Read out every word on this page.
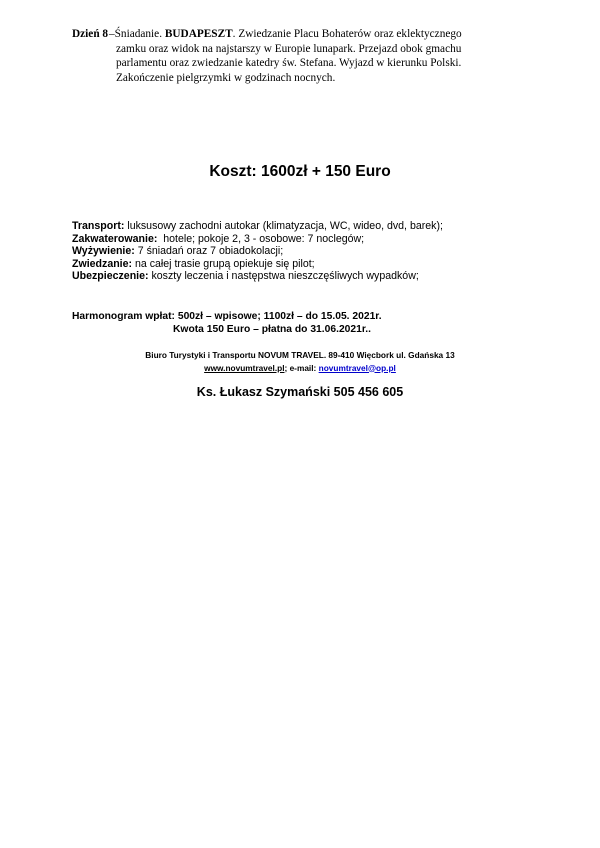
Dzień 8 –Śniadanie. BUDAPESZT. Zwiedzanie Placu Bohaterów oraz eklektycznego
zamku oraz widok na najstarszy w Europie lunapark. Przejazd obok gmachu
parlamentu oraz zwiedzanie katedry św. Stefana. Wyjazd w kierunku Polski.
Zakończenie pielgrzymki w godzinach nocnych.
Koszt: 1600zł + 150 Euro
Transport: luksusowy zachodni autokar (klimatyzacja, WC, wideo, dvd, barek);
Zakwaterowanie:  hotele; pokoje 2, 3 - osobowe: 7 noclegów;
Wyżywienie: 7 śniadań oraz 7 obiadokolacji;
Zwiedzanie: na całej trasie grupą opiekuje się pilot;
Ubezpieczenie: koszty leczenia i następstwa nieszczęśliwych wypadków;
Harmonogram wpłat: 500zł – wpisowe; 1100zł – do 15.05. 2021r.
Kwota 150 Euro – płatna do 31.06.2021r..
Biuro Turystyki i Transportu NOVUM TRAVEL. 89-410 Więcbork ul. Gdańska 13
www.novumtravel.pl; e-mail: novumtravel@op.pl
Ks. Łukasz Szymański 505 456 605
